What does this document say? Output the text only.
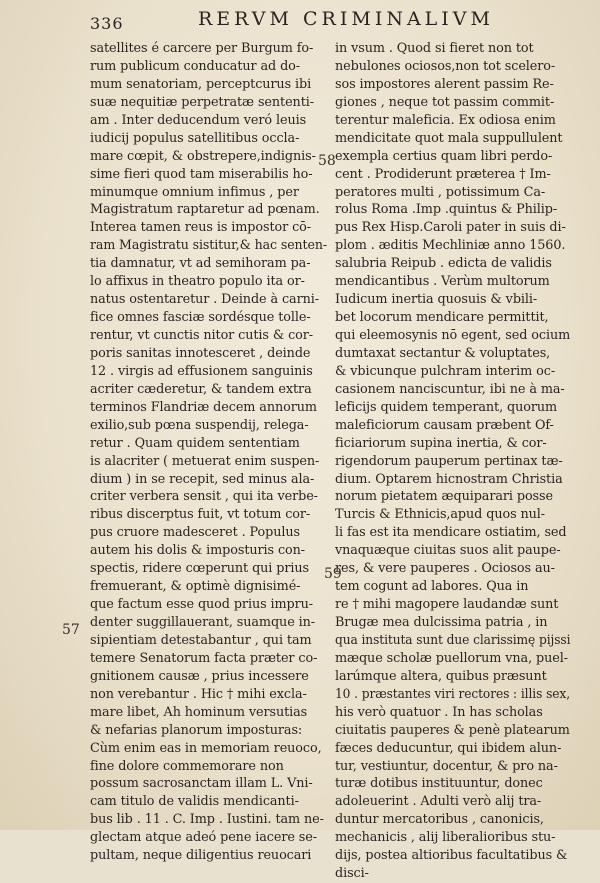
336	RERVM CRIMINALIVM
satellites é carcere per Burgum fo-
rum publicum conducatur ad do-
mum senatoriam, perceptcurus ibi
suæ nequitiæ perpetratæ sententi-
am . Inter deducendum veró leuis
iudicij populus satellitibus occla-
mare cœpit, & obstrepere,indignis-
sime fieri quod tam miserabilis ho-
minumque omnium infimus , per
Magistratum raptaretur ad pœnam.
Interea tamen reus is impostor cō-
ram Magistratu sistitur,& hac senten-
tia damnatur, vt ad semihoram pa-
lo affixus in theatro populo ita or-
natus ostentaretur . Deinde à carni-
fice omnes fasciæ sordésque tolle-
rentur, vt cunctis nitor cutis & cor-
poris sanitas innotesceret , deinde
12 . virgis ad effusionem sanguinis
acriter cæderetur, & tandem extra
terminos Flandriæ decem annorum
exilio,sub pœna suspendij, relega-
retur . Quam quidem sententiam
is alacriter ( metuerat enim suspen-
dium ) in se recepit, sed minus ala-
criter verbera sensit , qui ita verbe-
ribus discerptus fuit, vt totum cor-
pus cruore madesceret . Populus
autem his dolis & imposturis con-
spectis, ridere cœperunt qui prius
fremuerant, & optimè dignisimé-
que factum esse quod prius impru-
denter suggillauerant, suamque in-
sipientiam detestabantur , qui tam
temere Senatorum facta præter co-
gnitionem causæ , prius incessere
non verebantur . Hic † mihi excla-
mare libet, Ah hominum versutias
& nefarias planorum imposturas:
Cùm enim eas in memoriam reuoco,
fine dolore commemorare non
possum sacrosanctam illam L. Vni-
cam titulo de validis mendicanti-
bus lib . 11 . C. Imp . Iustini. tam ne-
glectam atque adeó pene iacere se-
pultam, neque diligentius reuocari
in vsum . Quod si fieret non tot
nebulones ociosos,non tot scelero-
sos impostores alerent passim Re-
giones , neque tot passim commit-
terentur maleficia. Ex odiosa enim
mendicitate quot mala suppullulent
exempla certius quam libri perdo-
cent . Prodiderunt præterea † Im-
peratores multi , potissimum Ca-
rolus Roma .Imp .quintus & Philip-
pus Rex Hisp.Caroli pater in suis di-
plom . æditis Mechliniæ anno 1560.
salubria Reipub . edicta de validis
mendicantibus . Verùm multorum
Iudicum inertia quosuis & vbili-
bet locorum mendicare permittit,
qui eleemosynis nō egent, sed ocium
dumtaxat sectantur & voluptates,
& vbicunque pulchram interim oc-
casionem nanciscuntur, ibi ne à ma-
leficijs quidem temperant, quorum
maleficiorum causam præbent Of-
ficiariorum supina inertia, & cor-
rigendorum pauperum pertinax tæ-
dium. Optarem hicnostram Christia
norum pietatem æquiparari posse
Turcis & Ethnicis,apud quos nul-
li fas est ita mendicare ostiatim, sed
vnaquæque ciuitas suos alit paupe-
res, & vere pauperes . Ociosos au-
tem cogunt ad labores. Qua in
re † mihi magopere laudandæ sunt
Brugæ mea dulcissima patria , in
qua instituta sunt due clarissimę pijssi
mæque scholæ puellorum vna, puel-
larúmque altera, quibus præsunt
10 . præstantes viri rectores : illis sex,
his verò quatuor . In has scholas
ciuitatis pauperes & penè platearum
fæces deducuntur, qui ibidem alun-
tur, vestiuntur, docentur, & pro na-
turæ dotibus instituuntur, donec
adoleuerint . Adulti verò alij tra-
duntur mercatoribus , canonicis,
mechanicis , alij liberalioribus stu-
dijs, postea altioribus facultatibus &
disci-
57
58
59
